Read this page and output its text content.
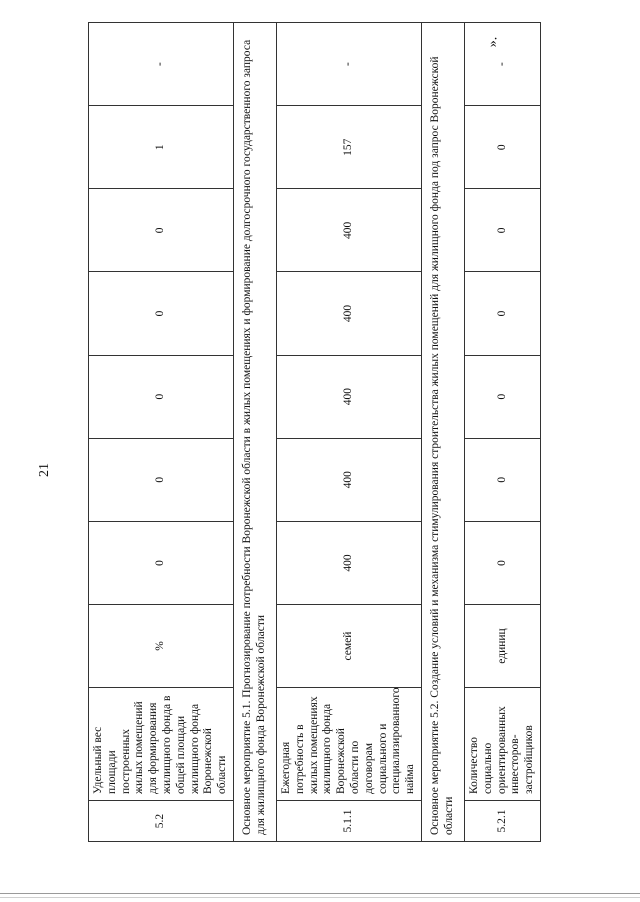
21
».
5.2	Удельный вес площади построенных жилых помещений для формирования жилищного фонда в общей площади жилищного фонда Воронежской области	%	0	0	0	0	0	1	-
Основное мероприятие 5.1. Прогнозирование потребности Воронежской области в жилых помещениях и формирование долгосрочного государственного запроса для жилищного фонда Воронежской области									
5.1.1	Ежегодная потребность в жилых помещениях жилищного фонда Воронежской области по договорам социального и специализированного найма	семей	400	400	400	400	400	157	-
Основное мероприятие 5.2. Создание условий и механизма стимулирования строительства жилых помещений для жилищного фонда под запрос Воронежской области									
5.2.1	Количество социально ориентированных инвесторов-застройщиков	единиц	0	0	0	0	0	0	-
